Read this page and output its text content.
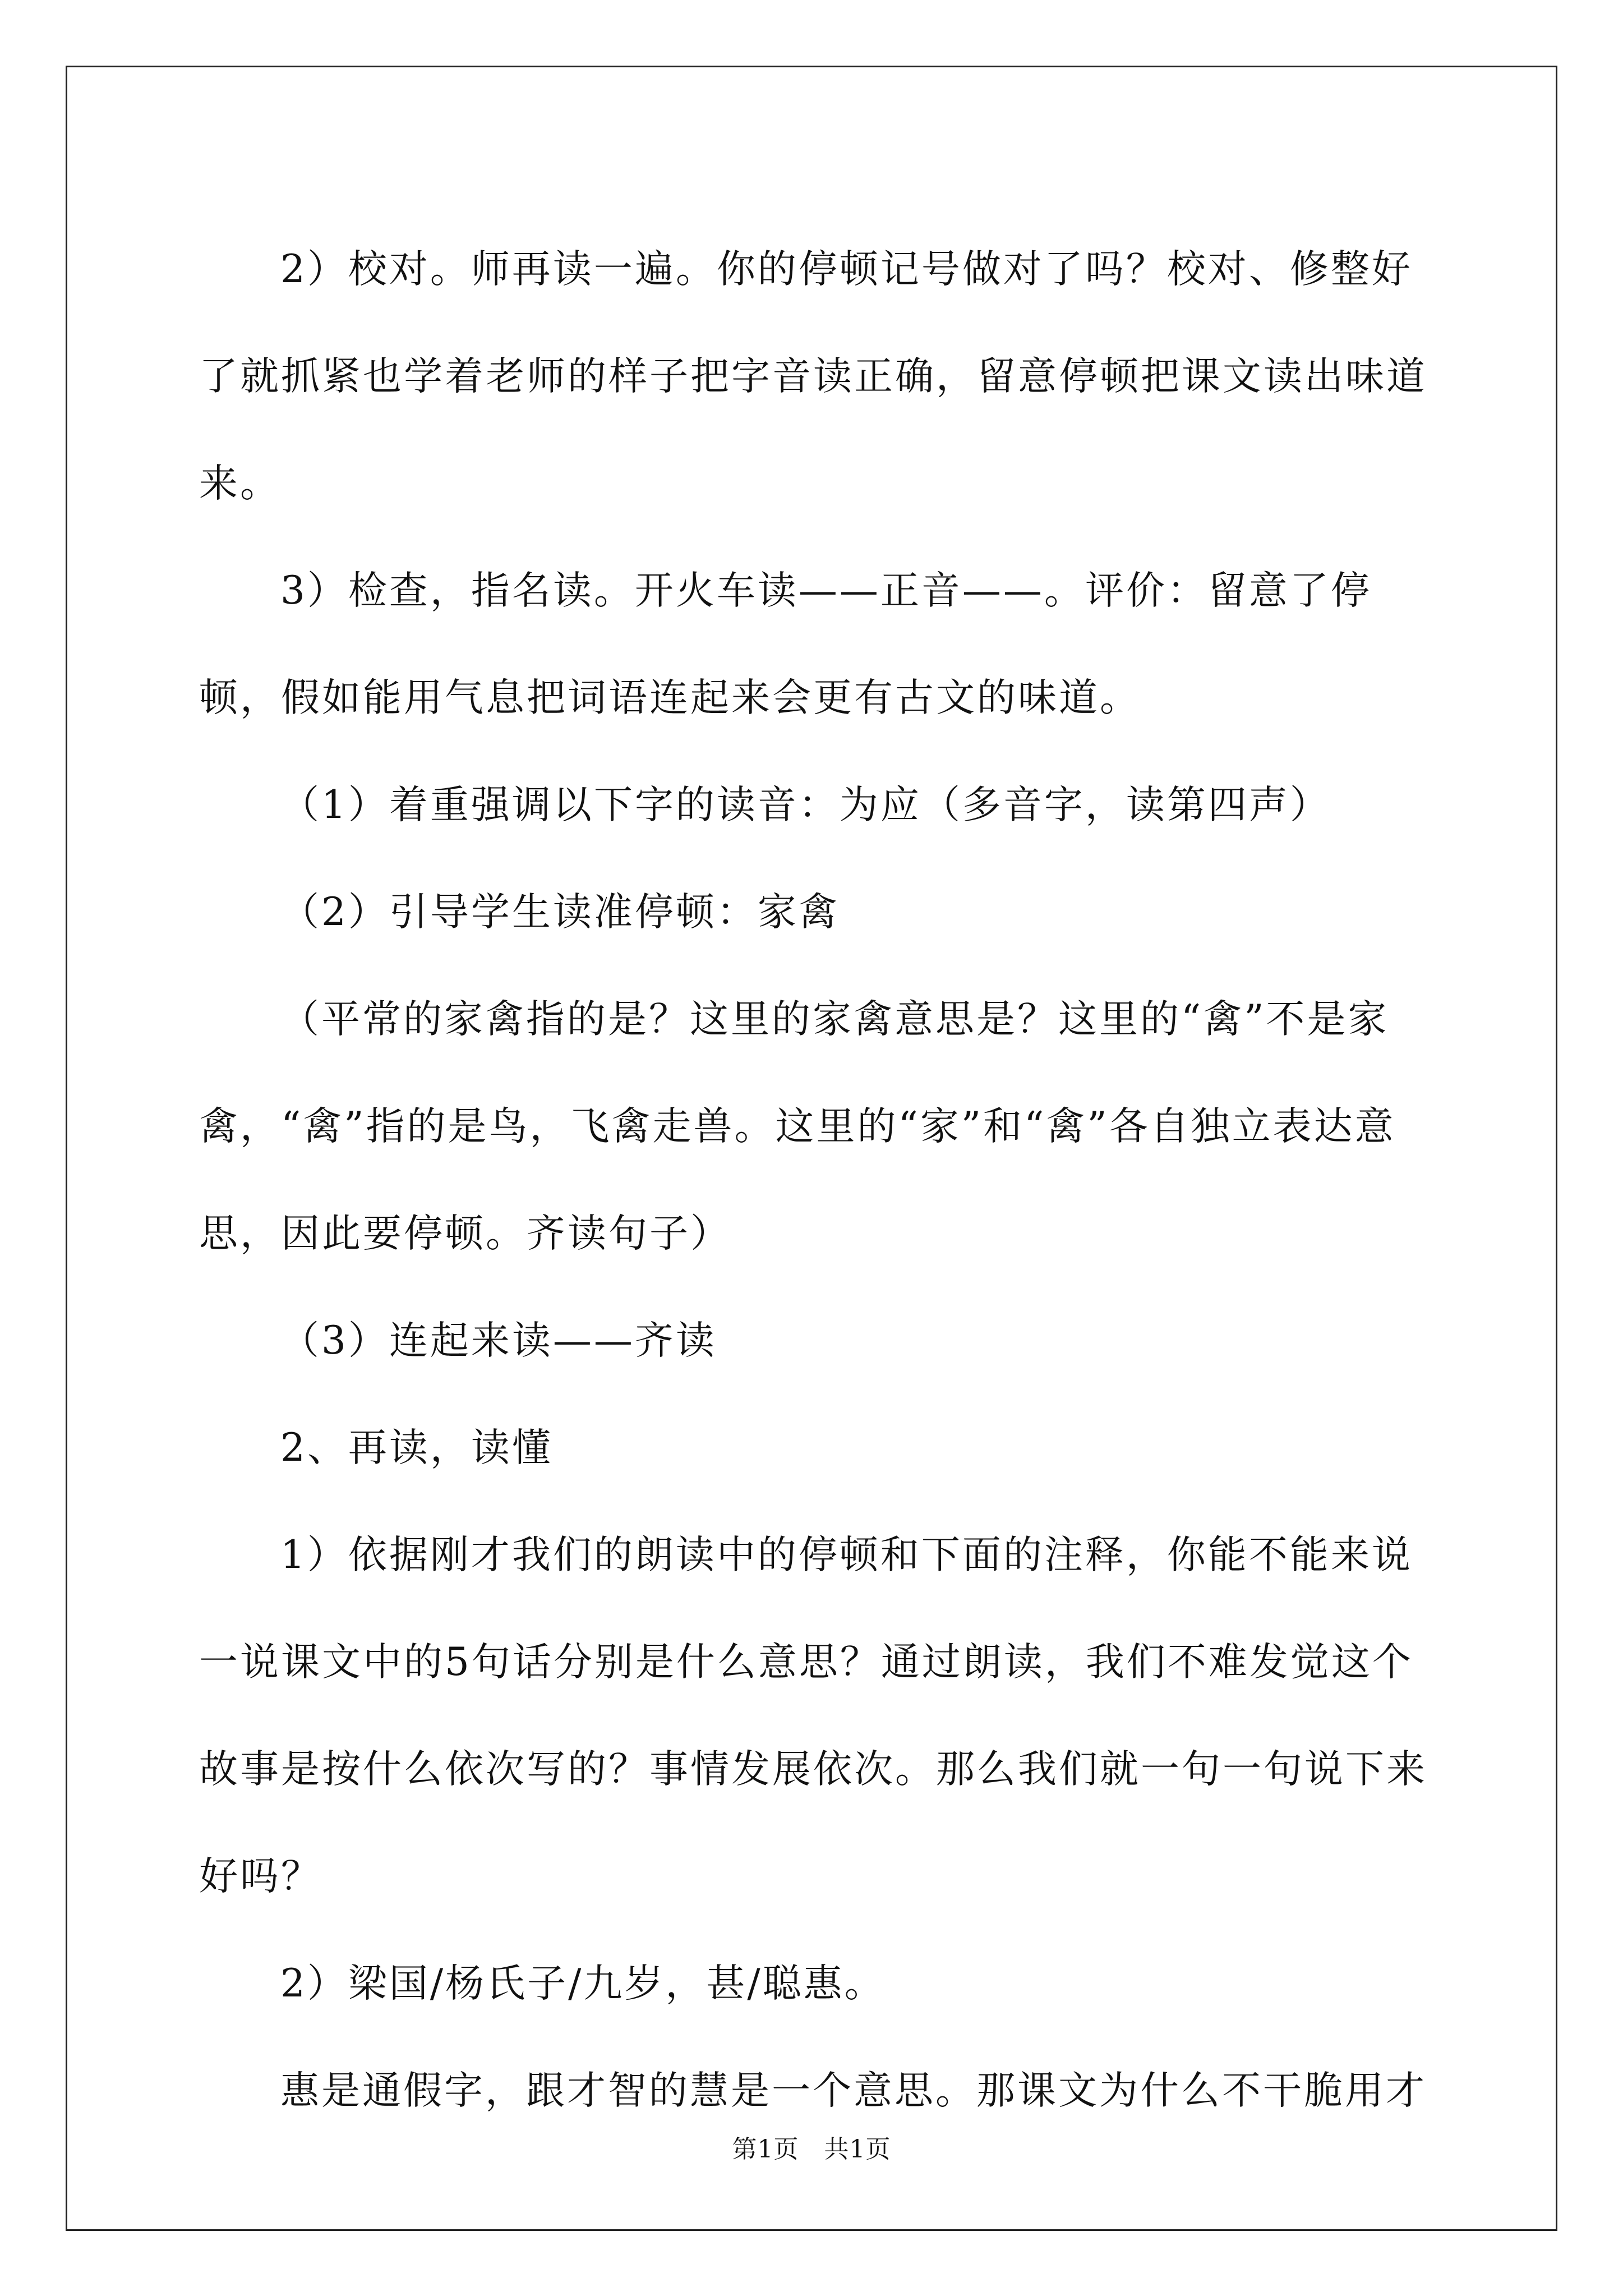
2）校对。师再读一遍。你的停顿记号做对了吗？校对、修整好了就抓紧也学着老师的样子把字音读正确，留意停顿把课文读出味道来。

3）检查，指名读。开火车读——正音——。评价：留意了停顿，假如能用气息把词语连起来会更有古文的味道。

（1）着重强调以下字的读音：为应（多音字，读第四声）

（2）引导学生读准停顿：家禽

（平常的家禽指的是？这里的家禽意思是？这里的“禽”不是家禽，“禽”指的是鸟，飞禽走兽。这里的“家”和“禽”各自独立表达意思，因此要停顿。齐读句子）

（3）连起来读——齐读

2、再读，读懂

1）依据刚才我们的朗读中的停顿和下面的注释，你能不能来说一说课文中的5句话分别是什么意思？通过朗读，我们不难发觉这个故事是按什么依次写的？事情发展依次。那么我们就一句一句说下来好吗？

2）梁国/杨氏子/九岁，甚/聪惠。

惠是通假字，跟才智的慧是一个意思。那课文为什么不干脆用才

第1页　共1页
